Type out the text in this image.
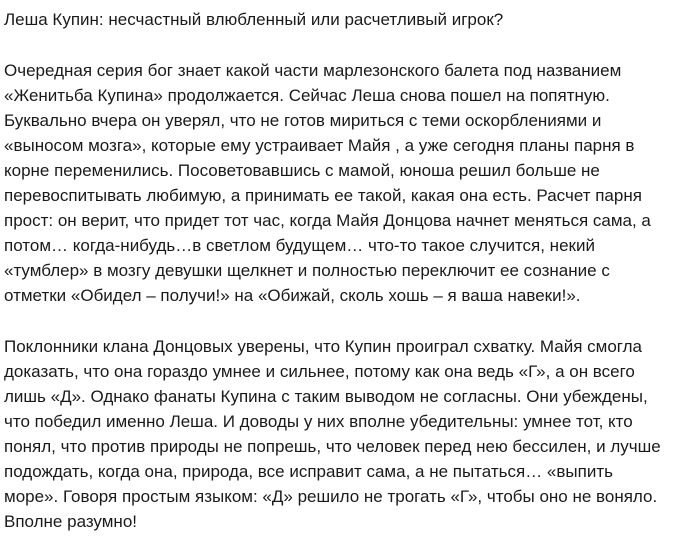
Леша Купин: несчастный влюбленный или расчетливый игрок?
Очередная серия бог знает какой части марлезонского балета под названием
«Женитьба Купина» продолжается. Сейчас Леша снова пошел на попятную.
Буквально вчера он уверял, что не готов мириться с теми оскорблениями и
«выносом мозга», которые ему устраивает Майя , а уже сегодня планы парня в
корне переменились. Посоветовавшись с мамой, юноша решил больше не
перевоспитывать любимую, а принимать ее такой, какая она есть. Расчет парня
прост: он верит, что придет тот час, когда Майя Донцова начнет меняться сама, а
потом… когда-нибудь…в светлом будущем… что-то такое случится, некий
«тумблер» в мозгу девушки щелкнет и полностью переключит ее сознание с
отметки «Обидел – получи!» на «Обижай, сколь хошь – я ваша навеки!».
Поклонники клана Донцовых уверены, что Купин проиграл схватку. Майя смогла
доказать, что она гораздо умнее и сильнее, потому как она ведь «Г», а он всего
лишь «Д». Однако фанаты Купина с таким выводом не согласны. Они убеждены,
что победил именно Леша. И доводы у них вполне убедительны: умнее тот, кто
понял, что против природы не попрешь, что человек перед нею бессилен, и лучше
подождать, когда она, природа, все исправит сама, а не пытаться… «выпить
море». Говоря простым языком: «Д» решило не трогать «Г», чтобы оно не воняло.
Вполне разумно!
